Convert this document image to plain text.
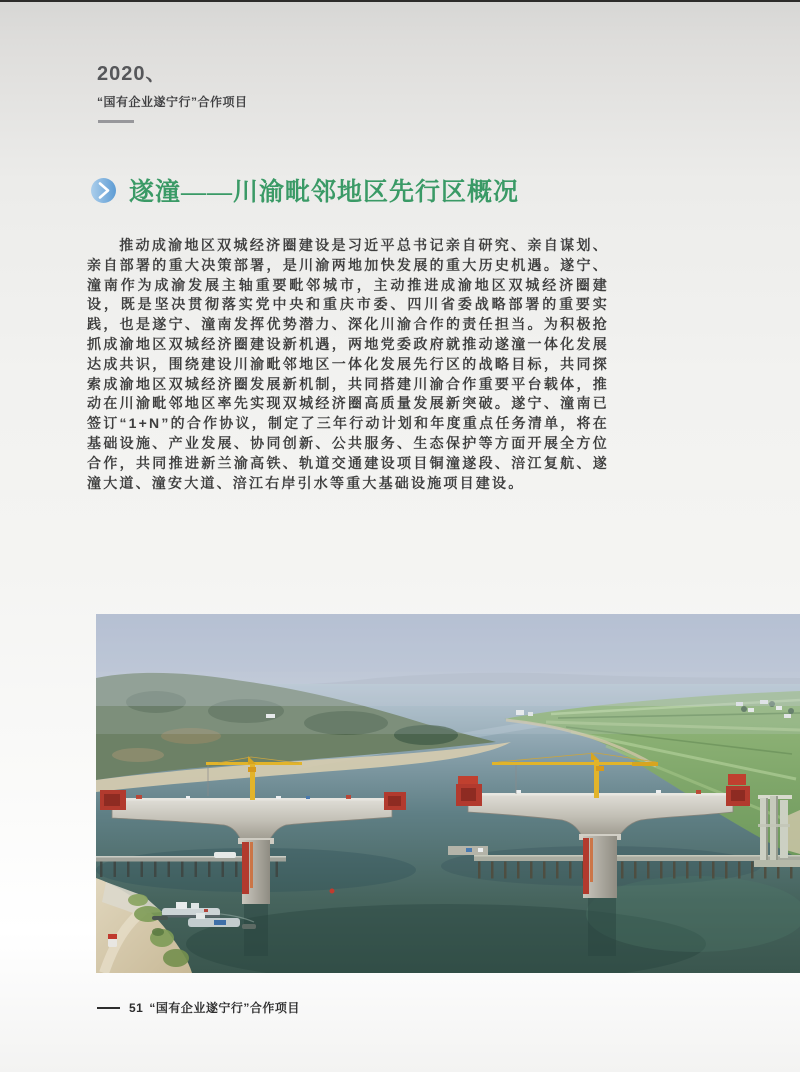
2020、
“国有企业遂宁行”合作项目
遂潼——川渝毗邻地区先行区概况

推动成渝地区双城经济圈建设是习近平总书记亲自研究、亲自谋划、亲自部署的重大决策部署，是川渝两地加快发展的重大历史机遇。遂宁、潼南作为成渝发展主轴重要毗邻城市，主动推进成渝地区双城经济圈建设，既是坚决贯彻落实党中央和重庆市委、四川省委战略部署的重要实践，也是遂宁、潼南发挥优势潜力、深化川渝合作的责任担当。为积极抢抓成渝地区双城经济圈建设新机遇，两地党委政府就推动遂潼一体化发展达成共识，围绕建设川渝毗邻地区一体化发展先行区的战略目标，共同探索成渝地区双城经济圈发展新机制，共同搭建川渝合作重要平台载体，推动在川渝毗邻地区率先实现双城经济圈高质量发展新突破。遂宁、潼南已签订“1+N”的合作协议，制定了三年行动计划和年度重点任务清单，将在基础设施、产业发展、协同创新、公共服务、生态保护等方面开展全方位合作，共同推进新兰渝高铁、轨道交通建设项目铜潼遂段、涪江复航、遂潼大道、潼安大道、涪江右岸引水等重大基础设施项目建设。

51 “国有企业遂宁行”合作项目
